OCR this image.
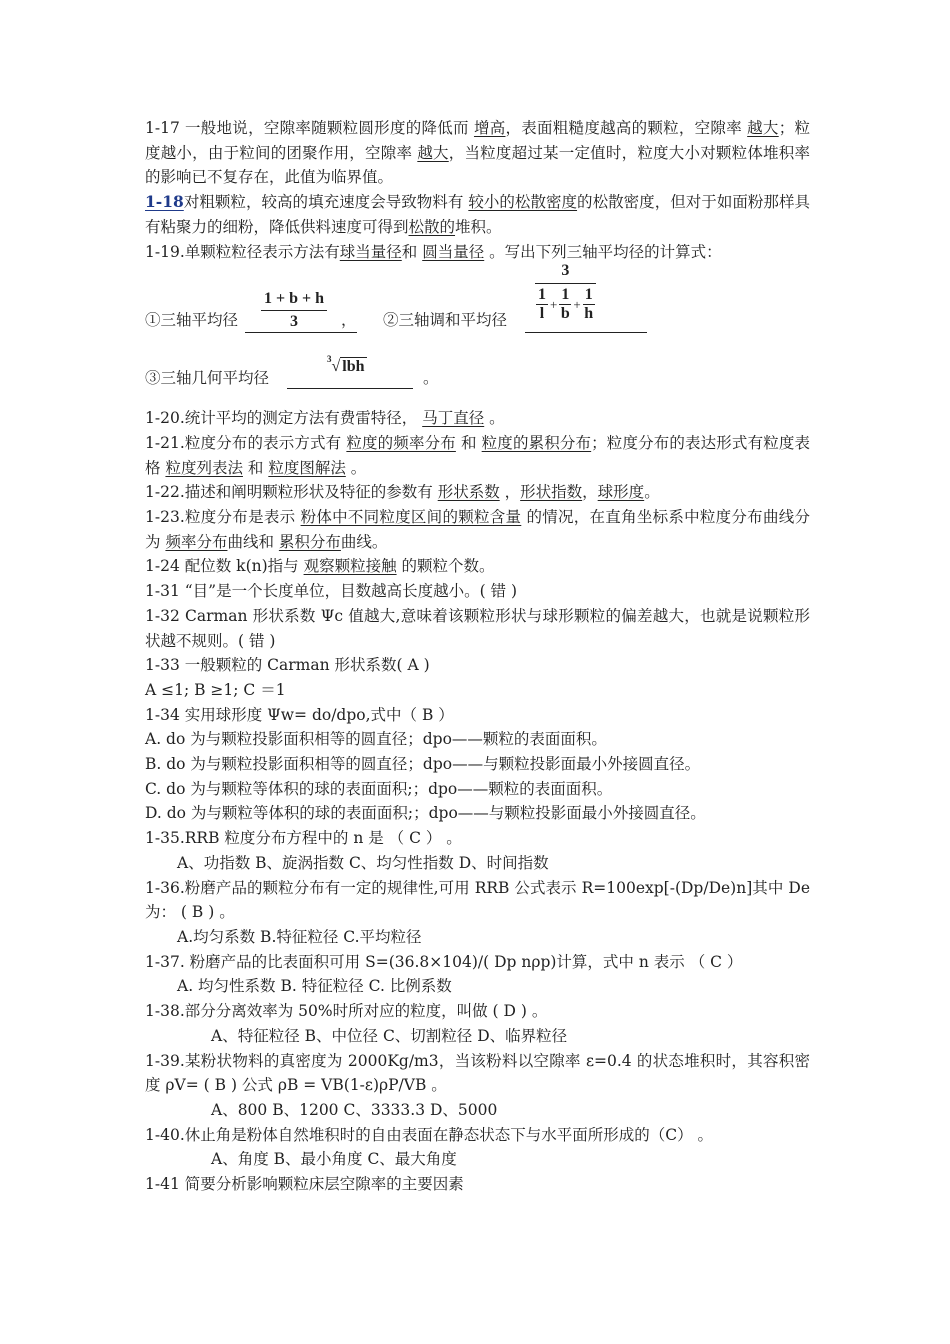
1-17 一般地说，空隙率随颗粒圆形度的降低而 增高，表面粗糙度越高的颗粒，空隙率 越大；粒度越小，由于粒间的团聚作用，空隙率 越大，当粒度超过某一定值时，粒度大小对颗粒体堆积率的影响已不复存在，此值为临界值。

1-18对粗颗粒，较高的填充速度会导致物料有 较小的松散密度的松散密度，但对于如面粉那样具有粘聚力的细粉，降低供料速度可得到松散的堆积。

1-19.单颗粒粒径表示方法有球当量径和 圆当量径 。写出下列三轴平均径的计算式：

①三轴平均径	，
$\frac{1 + b + h}{3}$	②三轴调和平均径 $\frac{3}{\frac{1}{l} + \frac{1}{b} + \frac{1}{h}}$
③三轴几何平均径
$^3$√ lbh
。

1-20.统计平均的测定方法有费雷特径， 马丁直径 。

1-21.粒度分布的表示方式有 粒度的频率分布 和 粒度的累积分布；粒度分布的表达形式有粒度表格 粒度列表法 和 粒度图解法 。

1-22.描述和阐明颗粒形状及特征的参数有 形状系数 ，形状指数，球形度。

1-23.粒度分布是表示 粉体中不同粒度区间的颗粒含量 的情况，在直角坐标系中粒度分布曲线分为 频率分布曲线和 累积分布曲线。

1-24 配位数 k(n)指与 观察颗粒接触 的颗粒个数。

1-31 “目”是一个长度单位，目数越高长度越小。( 错 )

1-32 Carman 形状系数 Ψc 值越大,意味着该颗粒形状与球形颗粒的偏差越大，也就是说颗粒形状越不规则。( 错 )

1-33 一般颗粒的 Carman 形状系数( A )

A ≤1; B ≥1; C ＝1

1-34 实用球形度 Ψw= do/dpo,式中（ B ）

A. do 为与颗粒投影面积相等的圆直径；dpo——颗粒的表面面积。

B. do 为与颗粒投影面积相等的圆直径；dpo——与颗粒投影面最小外接圆直径。

C. do 为与颗粒等体积的球的表面面积;；dpo——颗粒的表面面积。

D. do 为与颗粒等体积的球的表面面积;；dpo——与颗粒投影面最小外接圆直径。

1-35.RRB 粒度分布方程中的 n 是 （ C ） 。

A、功指数 B、旋涡指数 C、均匀性指数 D、时间指数

1-36.粉磨产品的颗粒分布有一定的规律性,可用 RRB 公式表示 R=100exp[-(Dp/De)n]其中 De 为： ( B ) 。

A.均匀系数 B.特征粒径 C.平均粒径

1-37. 粉磨产品的比表面积可用 S=(36.8×104)/( Dp nρp)计算，式中 n 表示 （ C ）

A. 均匀性系数 B. 特征粒径 C. 比例系数

1-38.部分分离效率为 50%时所对应的粒度，叫做 ( D ) 。

A、特征粒径 B、中位径 C、切割粒径 D、临界粒径

1-39.某粉状物料的真密度为 2000Kg/m3，当该粉料以空隙率 ε=0.4 的状态堆积时，其容积密度 ρV= ( B ) 公式 ρB = VB(1-ε)ρP/VB 。

A、800 B、1200 C、3333.3 D、5000

1-40.休止角是粉体自然堆积时的自由表面在静态状态下与水平面所形成的（C） 。

A、角度 B、最小角度 C、最大角度

1-41 简要分析影响颗粒床层空隙率的主要因素
